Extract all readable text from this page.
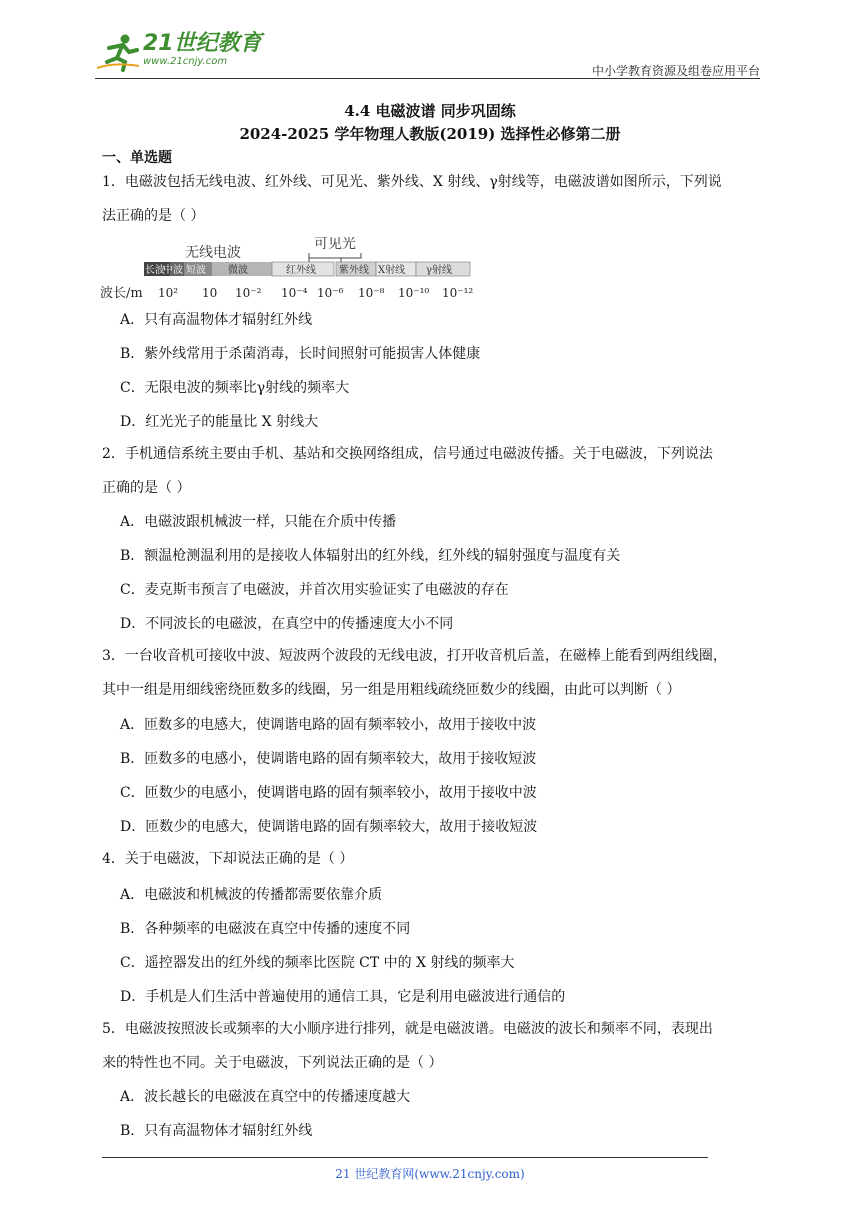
21世纪教育
www.21cnjy.com
中小学教育资源及组卷应用平台
4.4 电磁波谱 同步巩固练
2024-2025 学年物理人教版(2019) 选择性必修第二册
一、单选题
1．电磁波包括无线电波、红外线、可见光、紫外线、X 射线、γ射线等，电磁波谱如图所示，下列说
法正确的是（ ）
无线电波
可见光
长波
中波 短波 微波	红外线 紫外线 X射线 γ射线
波长/m 10² 10 10⁻² 10⁻⁴ 10⁻⁶ 10⁻⁸ 10⁻¹⁰ 10⁻¹²
A．只有高温物体才辐射红外线
B．紫外线常用于杀菌消毒，长时间照射可能损害人体健康
C．无限电波的频率比γ射线的频率大
D．红光光子的能量比 X 射线大
2．手机通信系统主要由手机、基站和交换网络组成，信号通过电磁波传播。关于电磁波，下列说法
正确的是（ ）
A．电磁波跟机械波一样，只能在介质中传播
B．额温枪测温利用的是接收人体辐射出的红外线，红外线的辐射强度与温度有关
C．麦克斯韦预言了电磁波，并首次用实验证实了电磁波的存在
D．不同波长的电磁波，在真空中的传播速度大小不同
3．一台收音机可接收中波、短波两个波段的无线电波，打开收音机后盖，在磁棒上能看到两组线圈，
其中一组是用细线密绕匝数多的线圈，另一组是用粗线疏绕匝数少的线圈，由此可以判断（ ）
A．匝数多的电感大，使调谐电路的固有频率较小，故用于接收中波
B．匝数多的电感小，使调谐电路的固有频率较大，故用于接收短波
C．匝数少的电感小，使调谐电路的固有频率较小，故用于接收中波
D．匝数少的电感大，使调谐电路的固有频率较大，故用于接收短波
4．关于电磁波，下却说法正确的是（ ）
A．电磁波和机械波的传播都需要依靠介质
B．各种频率的电磁波在真空中传播的速度不同
C．遥控器发出的红外线的频率比医院 CT 中的 X 射线的频率大
D．手机是人们生活中普遍使用的通信工具，它是利用电磁波进行通信的
5．电磁波按照波长或频率的大小顺序进行排列，就是电磁波谱。电磁波的波长和频率不同，表现出
来的特性也不同。关于电磁波，下列说法正确的是（ ）
A．波长越长的电磁波在真空中的传播速度越大
B．只有高温物体才辐射红外线
21 世纪教育网(www.21cnjy.com)
